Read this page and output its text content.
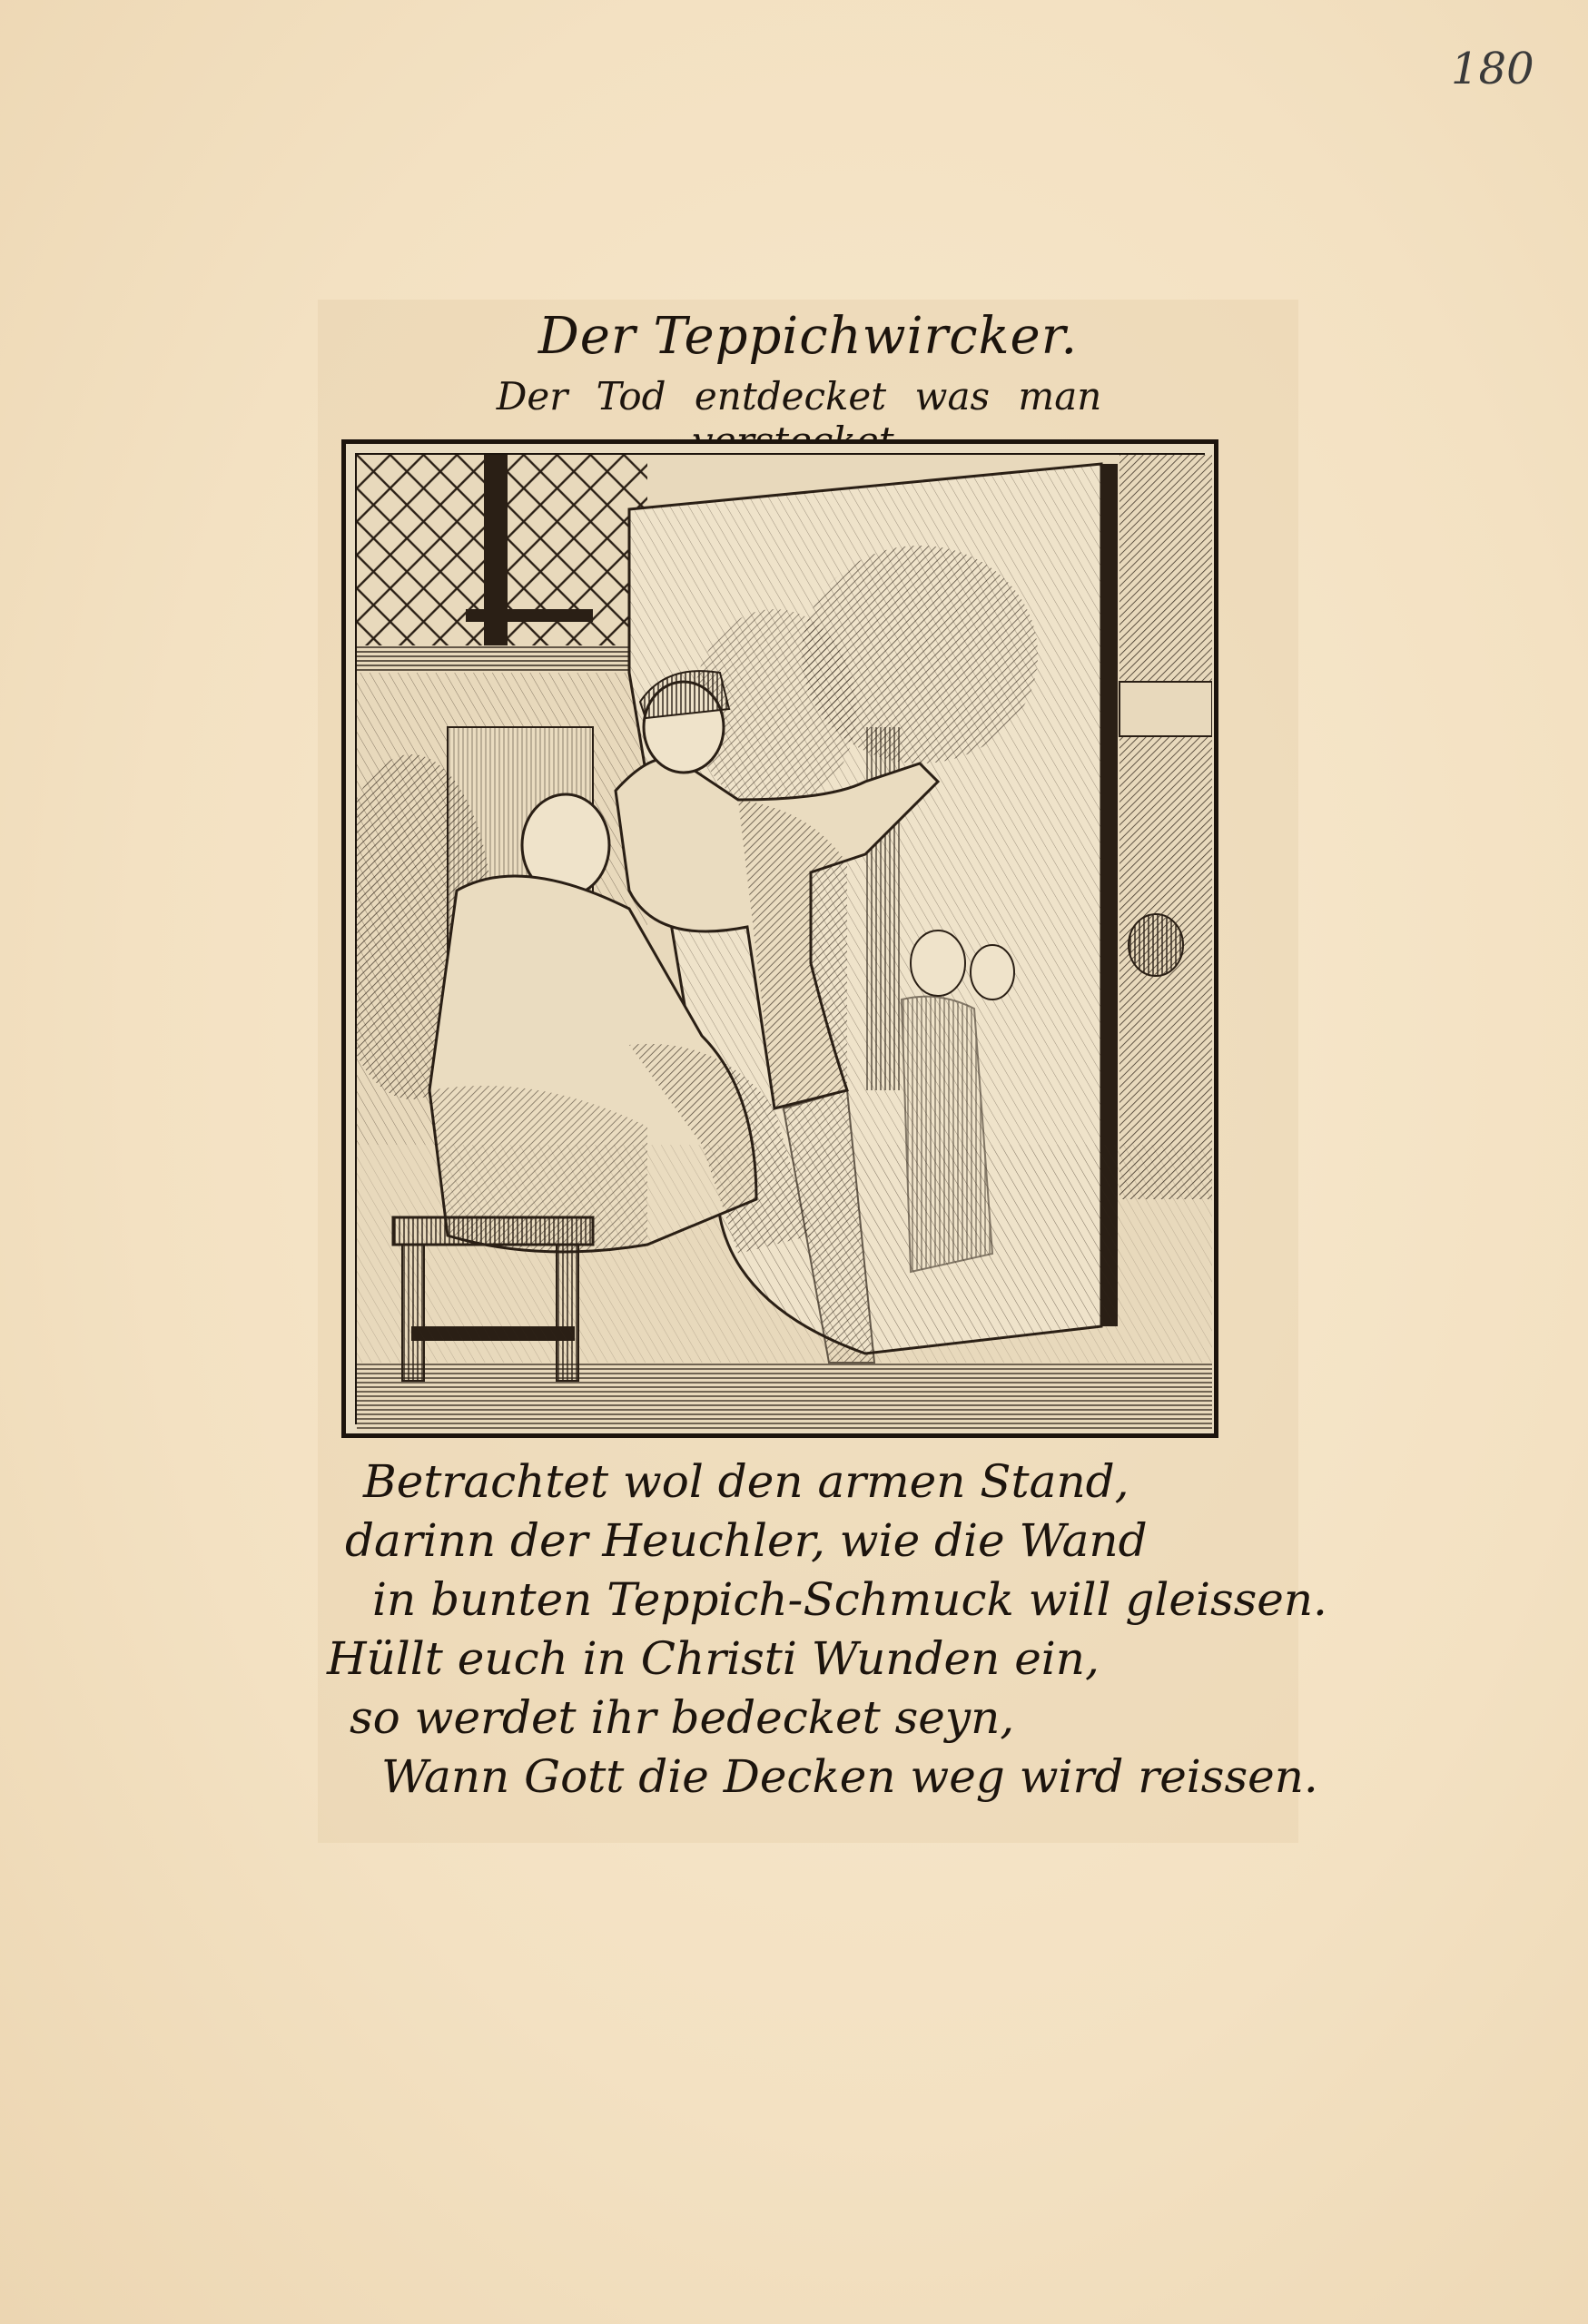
180
Der Teppichwircker.
Der Tod entdecket was man
Betrachtet wol den armen Stand,
darinn der Heuchler, wie die Wand
in bunten Teppich-Schmuck will gleissen.
Hüllt euch in Christi Wunden ein,
so werdet ihr bedecket seyn,
Wann Gott die Decken weg wird reissen.
